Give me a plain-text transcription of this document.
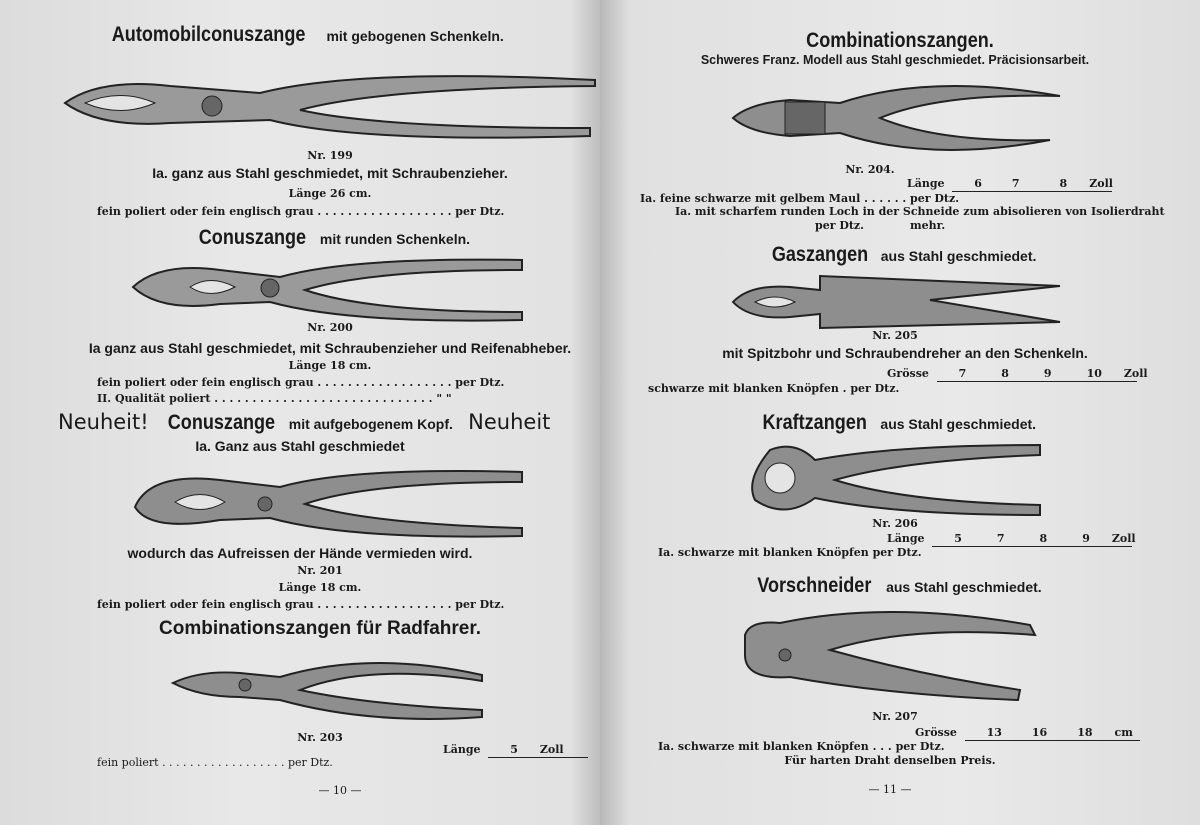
Automobilconuszange mit gebogenen Schenkeln.
Nr. 199
Ia. ganz aus Stahl geschmiedet, mit Schraubenzieher.
Länge 26 cm.
fein poliert oder fein englisch grau . . . . . . . . . . . . . . . . . . per Dtz.
Conuszange mit runden Schenkeln.
Nr. 200
Ia ganz aus Stahl geschmiedet, mit Schraubenzieher und Reifenabheber.
Länge 18 cm.
fein poliert oder fein englisch grau . . . . . . . . . . . . . . . . . . per Dtz.
II. Qualität poliert . . . . . . . . . . . . . . . . . . . . . . . . . . . . . " "
Neuheit! Conuszange mit aufgebogenem Kopf. Neuheit
Ia. Ganz aus Stahl geschmiedet
wodurch das Aufreissen der Hände vermieden wird.
Nr. 201
Länge 18 cm.
fein poliert oder fein englisch grau . . . . . . . . . . . . . . . . . . per Dtz.
Combinationszangen für Radfahrer.
Nr. 203
Länge	5 Zoll
fein poliert . . . . . . . . . . . . . . . . . . per Dtz.
— 10 —
Combinationszangen.
Schweres Franz. Modell aus Stahl geschmiedet. Präcisionsarbeit.
Nr. 204.
Länge	6	7	8 Zoll
Ia. feine schwarze mit gelbem Maul . . . . . . per Dtz.
Ia. mit scharfem runden Loch in der Schneide zum abisolieren von Isolierdraht
per Dtz.            mehr.
Gaszangen aus Stahl geschmiedet.
Nr. 205
mit Spitzbohr und Schraubendreher an den Schenkeln.
Grösse	7	8	9	10 Zoll
schwarze mit blanken Knöpfen . per Dtz.
Kraftzangen aus Stahl geschmiedet.
Nr. 206
Länge	5	7	8	9 Zoll
Ia. schwarze mit blanken Knöpfen per Dtz.
Vorschneider aus Stahl geschmiedet.
Nr. 207
Grösse	13	16	18 cm
Ia. schwarze mit blanken Knöpfen . . . per Dtz.
Für harten Draht denselben Preis.
— 11 —
